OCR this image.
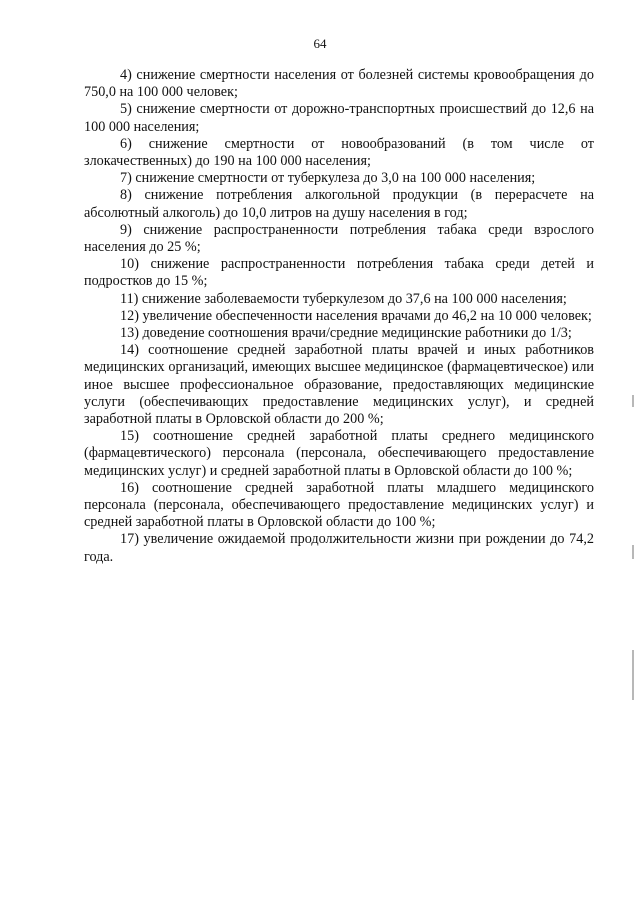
64

4) снижение смертности населения от болезней системы кровообращения до 750,0 на 100 000 человек;

5) снижение смертности от дорожно-транспортных происшествий до 12,6 на 100 000 населения;

6) снижение смертности от новообразований (в том числе от злокачественных) до 190 на 100 000 населения;

7) снижение смертности от туберкулеза до 3,0 на 100 000 населения;

8) снижение потребления алкогольной продукции (в перерасчете на абсолютный алкоголь) до 10,0 литров на душу населения в год;

9) снижение распространенности потребления табака среди взрослого населения до 25 %;

10) снижение распространенности потребления табака среди детей и подростков до 15 %;

11) снижение заболеваемости туберкулезом до 37,6 на 100 000 населения;

12) увеличение обеспеченности населения врачами до 46,2 на 10 000 человек;

13) доведение соотношения врачи/средние медицинские работники до 1/3;

14) соотношение средней заработной платы врачей и иных работников медицинских организаций, имеющих высшее медицинское (фармацевтическое) или иное высшее профессиональное образование, предоставляющих медицинские услуги (обеспечивающих предоставление медицинских услуг), и средней заработной платы в Орловской области до 200 %;

15) соотношение средней заработной платы среднего медицинского (фармацевтического) персонала (персонала, обеспечивающего предоставление медицинских услуг) и средней заработной платы в Орловской области до 100 %;

16) соотношение средней заработной платы младшего медицинского персонала (персонала, обеспечивающего предоставление медицинских услуг) и средней заработной платы в Орловской области до 100 %;

17) увеличение ожидаемой продолжительности жизни при рождении до 74,2 года.
